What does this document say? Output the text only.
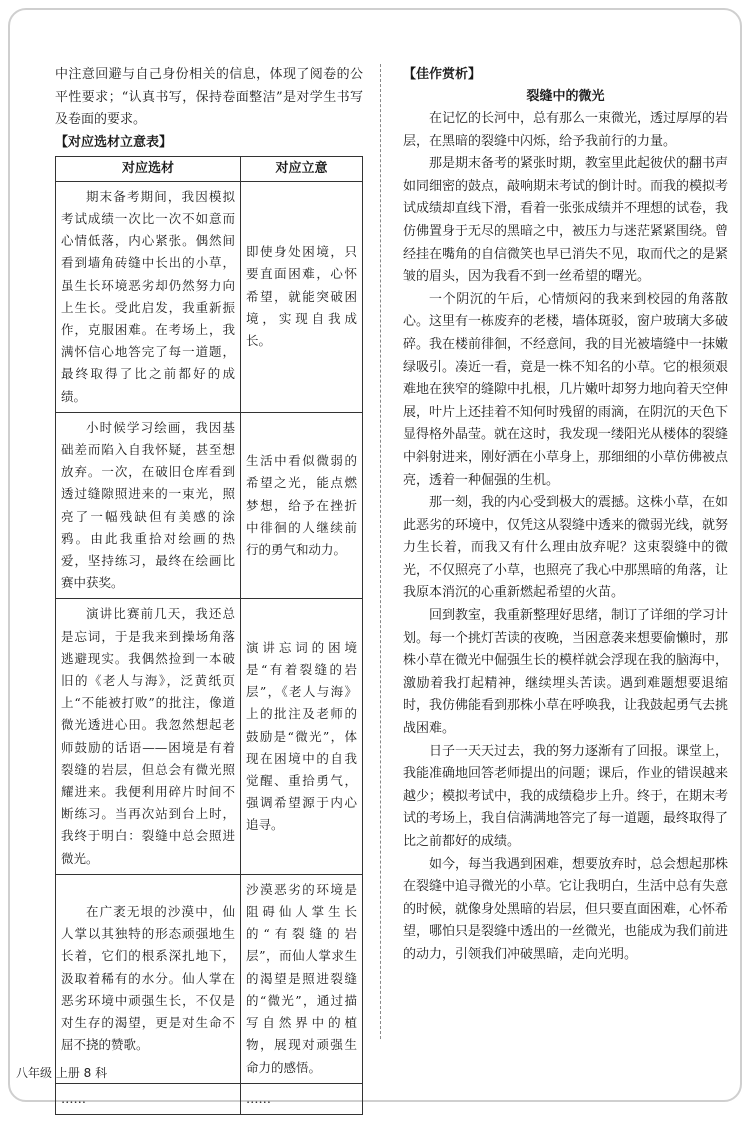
中注意回避与自己身份相关的信息，体现了阅卷的公平性要求；“认真书写，保持卷面整洁”是对学生书写及卷面的要求。

【对应选材立意表】
对应选材	对应立意

期末备考期间，我因模拟考试成绩一次比一次不如意而心情低落，内心紧张。偶然间看到墙角砖缝中长出的小草，虽生长环境恶劣却仍然努力向上生长。受此启发，我重新振作，克服困难。在考场上，我满怀信心地答完了每一道题，最终取得了比之前都好的成绩。	即使身处困境，只要直面困难，心怀希望，就能突破困境，实现自我成长。

小时候学习绘画，我因基础差而陷入自我怀疑，甚至想放弃。一次，在破旧仓库看到透过缝隙照进来的一束光，照亮了一幅残缺但有美感的涂鸦。由此我重拾对绘画的热爱，坚持练习，最终在绘画比赛中获奖。	生活中看似微弱的希望之光，能点燃梦想，给予在挫折中徘徊的人继续前行的勇气和动力。

演讲比赛前几天，我还总是忘词，于是我来到操场角落逃避现实。我偶然捡到一本破旧的《老人与海》，泛黄纸页上“不能被打败”的批注，像道微光透进心田。我忽然想起老师鼓励的话语——困境是有着裂缝的岩层，但总会有微光照耀进来。我便利用碎片时间不断练习。当再次站到台上时，我终于明白：裂缝中总会照进微光。	演讲忘词的困境是“有着裂缝的岩层”，《老人与海》上的批注及老师的鼓励是“微光”，体现在困境中的自我觉醒、重拾勇气，强调希望源于内心追寻。

在广袤无垠的沙漠中，仙人掌以其独特的形态顽强地生长着，它们的根系深扎地下，汲取着稀有的水分。仙人掌在恶劣环境中顽强生长，不仅是对生存的渴望，更是对生命不屈不挠的赞歌。	沙漠恶劣的环境是阻碍仙人掌生长的“有裂缝的岩层”，而仙人掌求生的渴望是照进裂缝的“微光”，通过描写自然界中的植物，展现对顽强生命力的感悟。

……	……

【佳作赏析】
裂缝中的微光

在记忆的长河中，总有那么一束微光，透过厚厚的岩层，在黑暗的裂缝中闪烁，给予我前行的力量。

那是期末备考的紧张时期，教室里此起彼伏的翻书声如同细密的鼓点，敲响期末考试的倒计时。而我的模拟考试成绩却直线下滑，看着一张张成绩并不理想的试卷，我仿佛置身于无尽的黑暗之中，被压力与迷茫紧紧围绕。曾经挂在嘴角的自信微笑也早已消失不见，取而代之的是紧皱的眉头，因为我看不到一丝希望的曙光。

一个阴沉的午后，心情烦闷的我来到校园的角落散心。这里有一栋废弃的老楼，墙体斑驳，窗户玻璃大多破碎。我在楼前徘徊，不经意间，我的目光被墙缝中一抹嫩绿吸引。凑近一看，竟是一株不知名的小草。它的根须艰难地在狭窄的缝隙中扎根，几片嫩叶却努力地向着天空伸展，叶片上还挂着不知何时残留的雨滴，在阴沉的天色下显得格外晶莹。就在这时，我发现一缕阳光从楼体的裂缝中斜射进来，刚好洒在小草身上，那细细的小草仿佛被点亮，透着一种倔强的生机。

那一刻，我的内心受到极大的震撼。这株小草，在如此恶劣的环境中，仅凭这从裂缝中透来的微弱光线，就努力生长着，而我又有什么理由放弃呢？这束裂缝中的微光，不仅照亮了小草，也照亮了我心中那黑暗的角落，让我原本消沉的心重新燃起希望的火苗。

回到教室，我重新整理好思绪，制订了详细的学习计划。每一个挑灯苦读的夜晚，当困意袭来想要偷懒时，那株小草在微光中倔强生长的模样就会浮现在我的脑海中，激励着我打起精神，继续埋头苦读。遇到难题想要退缩时，我仿佛能看到那株小草在呼唤我，让我鼓起勇气去挑战困难。

日子一天天过去，我的努力逐渐有了回报。课堂上，我能准确地回答老师提出的问题；课后，作业的错误越来越少；模拟考试中，我的成绩稳步上升。终于，在期末考试的考场上，我自信满满地答完了每一道题，最终取得了比之前都好的成绩。

如今，每当我遇到困难，想要放弃时，总会想起那株在裂缝中追寻微光的小草。它让我明白，生活中总有失意的时候，就像身处黑暗的岩层，但只要直面困难，心怀希望，哪怕只是裂缝中透出的一丝微光，也能成为我们前进的动力，引领我们冲破黑暗，走向光明。

八年级 上册 8 科
